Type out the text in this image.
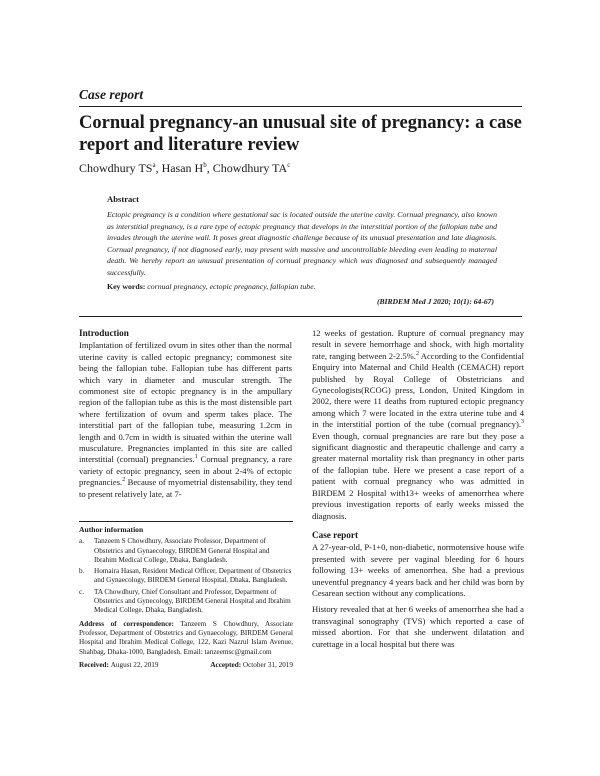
Case report
Cornual pregnancy-an unusual site of pregnancy: a case report and literature review
Chowdhury $TS^a$, Hasan $H^b$, Chowdhury $TA^c$
Abstract

Ectopic pregnancy is a condition where gestational sac is located outside the uterine cavity. Cornual pregnancy, also known as interstitial pregnancy, is a rare type of ectopic pregnancy that develops in the interstitial portion of the fallopian tube and invades through the uterine wall. It poses great diagnostic challenge because of its unusual presentation and late diagnosis. Cornual pregnancy, if not diagnosed early, may present with massive and uncontrollable bleeding even leading to maternal death. We hereby report an unusual presentation of cornual pregnancy which was diagnosed and subsequently managed successfully.

Key words: cornual pregnancy, ectopic pregnancy, fallopian tube.
(BIRDEM Med J 2020; 10(1): 64-67)
Introduction

Implantation of fertilized ovum in sites other than the normal uterine cavity is called ectopic pregnancy; commonest site being the fallopian tube. Fallopian tube has different parts which vary in diameter and muscular strength. The commonest site of ectopic pregnancy is in the ampullary region of the fallopian tube as this is the most distensible part where fertilization of ovum and sperm takes place. The interstitial part of the fallopian tube, measuring 1.2cm in length and 0.7cm in width is situated within the uterine wall musculature. Pregnancies implanted in this site are called interstitial (cornual) pregnancies.$^1$ Cornual pregnancy, a rare variety of ectopic pregnancy, seen in about 2-4% of ectopic pregnancies.$^2$ Because of myometrial distensability, they tend to present relatively late, at 7-

Author information
a. Tanzeem S Chowdhury, Associate Professor, Department of Obstetrics and Gynaecology, BIRDEM General Hospital and Ibrahim Medical College, Dhaka, Bangladesh.
b. Homaira Hasan, Resident Medical Officer, Department of Obstetrics and Gynaecology, BIRDEM General Hospital, Dhaka, Bangladesh.
c. TA Chowdhury, Chief Consultant and Professor, Department of Obstetrics and Gynecology, BIRDEM General Hospital and Ibrahim Medical College, Dhaka, Bangladesh.
Address of correspondence: Tanzeem S Chowdhury, Associate Professor, Department of Obstetrics and Gynaecology, BIRDEM General Hospital and Ibrahim Medical College, 122, Kazi Nazrul Islam Avenue, Shahbag, Dhaka-1000, Bangladesh. Email: tanzeemsc@gmail.com
Received: August 22, 2019	Accepted: October 31, 2019

12 weeks of gestation. Rupture of cornual pregnancy may result in severe hemorrhage and shock, with high mortality rate, ranging between 2-2.5%.$^2$ According to the Confidential Enquiry into Maternal and Child Health (CEMACH) report published by Royal College of Obstetricians and Gynecologists(RCOG) press, London, United Kingdom in 2002, there were 11 deaths from ruptured ectopic pregnancy among which 7 were located in the extra uterine tube and 4 in the interstitial portion of the tube (cornual pregnancy).$^3$ Even though, cornual pregnancies are rare but they pose a significant diagnostic and therapeutic challenge and carry a greater maternal mortality risk than pregnancy in other parts of the fallopian tube. Here we present a case report of a patient with cornual pregnancy who was admitted in BIRDEM 2 Hospital with13+ weeks of amenorrhea where previous investigation reports of early weeks missed the diagnosis.

Case report

A 27-year-old, P-1+0, non-diabetic, normotensive house wife presented with severe per vaginal bleeding for 6 hours following 13+ weeks of amenorrhea. She had a previous uneventful pregnancy 4 years back and her child was born by Cesarean section without any complications.

History revealed that at her 6 weeks of amenorrhea she had a transvaginal sonography (TVS) which reported a case of missed abortion. For that she underwent dilatation and curettage in a local hospital but there was
